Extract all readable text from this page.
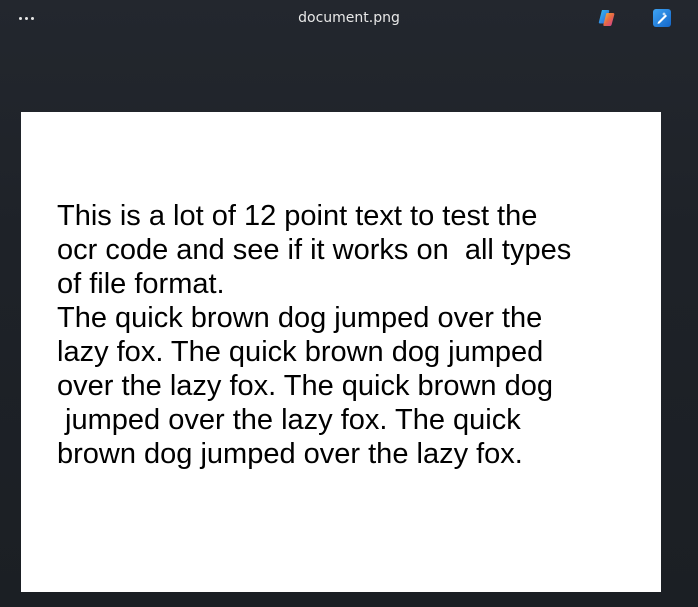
document.png

This is a lot of 12 point text to test the
ocr code and see if it works on  all types
of file format.
The quick brown dog jumped over the
lazy fox. The quick brown dog jumped
over the lazy fox. The quick brown dog
jumped over the lazy fox. The quick
brown dog jumped over the lazy fox.
